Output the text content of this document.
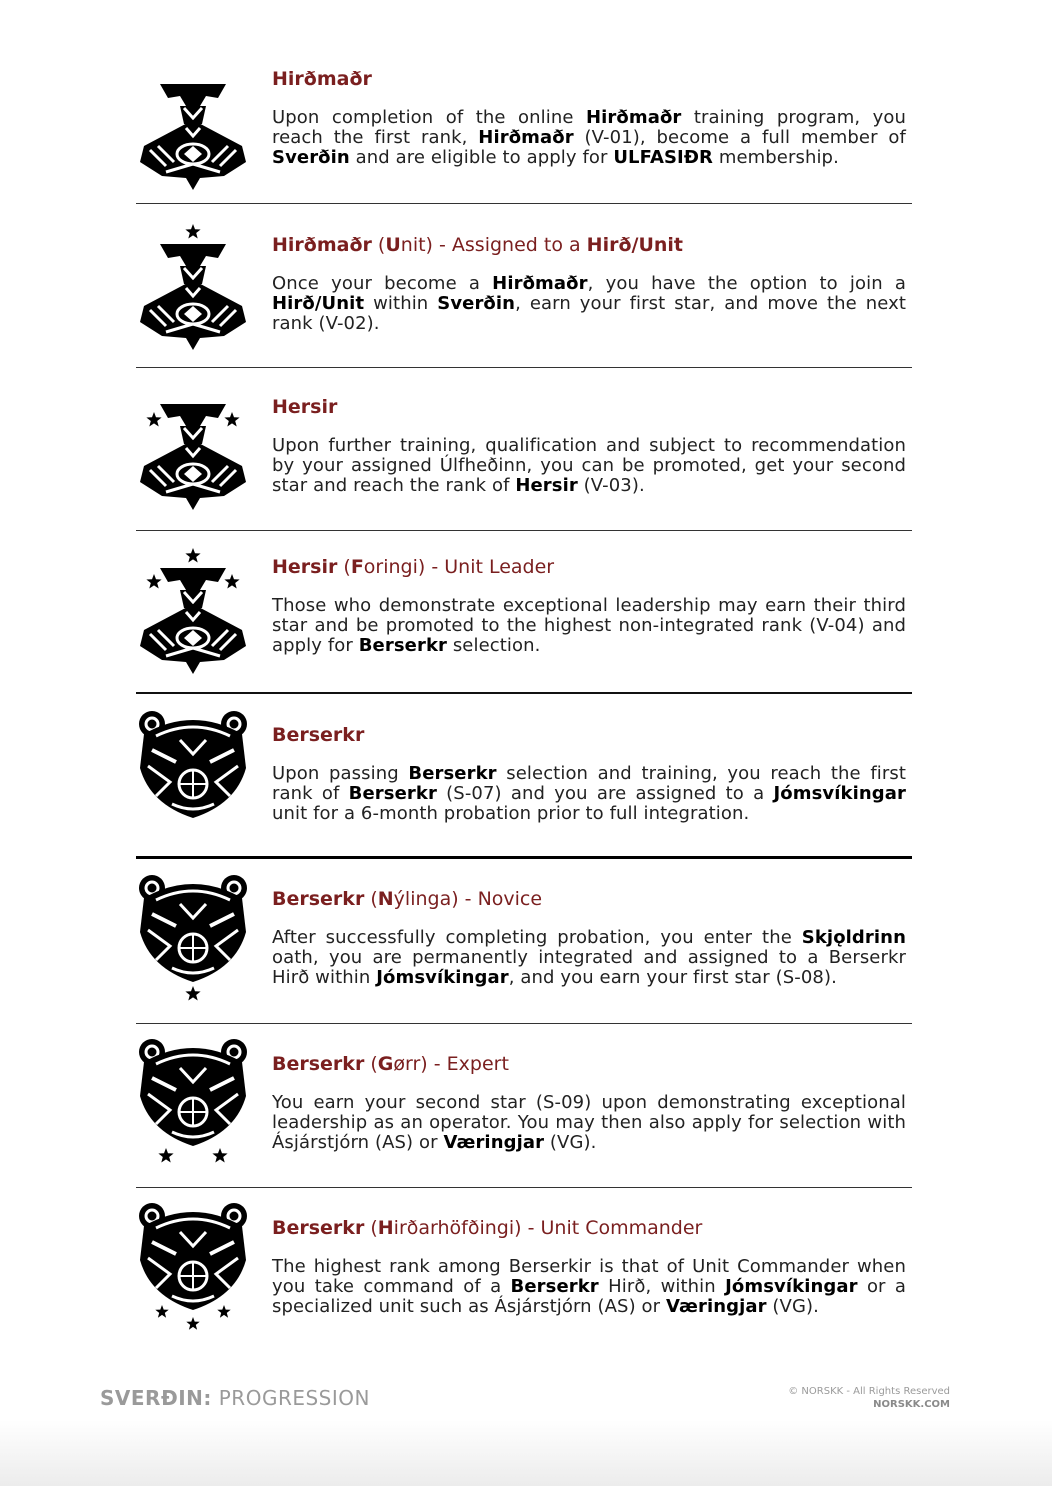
Hirðmaðr

Upon completion of the online Hirðmaðr training program, you reach the first rank, Hirðmaðr (V-01), become a full member of Sverðin and are eligible to apply for ULFASIÐR membership.

Hirðmaðr (Unit) - Assigned to a Hirð/Unit

Once your become a Hirðmaðr, you have the option to join a Hirð/Unit within Sverðin, earn your first star, and move the next rank (V-02).

Hersir

Upon further training, qualification and subject to recommendation by your assigned Úlfheðinn, you can be promoted, get your second star and reach the rank of Hersir (V-03).

Hersir (Foringi) - Unit Leader

Those who demonstrate exceptional leadership may earn their third star and be promoted to the highest non-integrated rank (V-04) and apply for Berserkr selection.

Berserkr

Upon passing Berserkr selection and training, you reach the first rank of Berserkr (S-07) and you are assigned to a Jómsvíkingar unit for a 6-month probation prior to full integration.

Berserkr (Nýlinga) - Novice

After successfully completing probation, you enter the Skjǫldrinn oath, you are permanently integrated and assigned to a Berserkr Hirð within Jómsvíkingar, and you earn your first star (S-08).

Berserkr (Gørr) - Expert

You earn your second star (S-09) upon demonstrating exceptional leadership as an operator. You may then also apply for selection with Ásjárstjórn (AS) or Væringjar (VG).

Berserkr (Hirðarhöfðingi) - Unit Commander

The highest rank among Berserkir is that of Unit Commander when you take command of a Berserkr Hirð, within Jómsvíkingar or a specialized unit such as Ásjárstjórn (AS) or Væringjar (VG).

SVERÐIN: PROGRESSION	© NORSKK - All Rights Reserved
NORSKK.COM
